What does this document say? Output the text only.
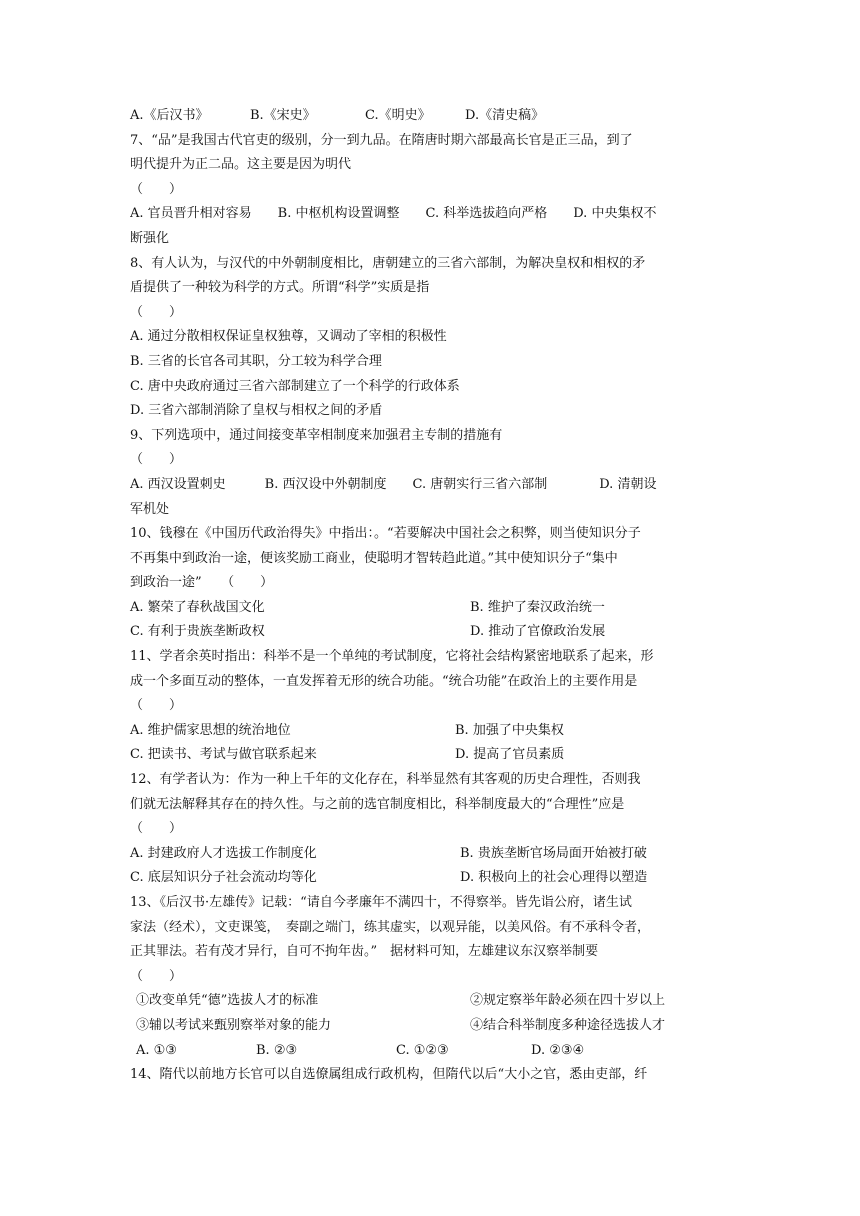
A.《后汉书》	B.《宋史》	C.《明史》	D.《清史稿》
7、“品”是我国古代官吏的级别，分一到九品。在隋唐时期六部最高长官是正三品，到了
明代提升为正二品。这主要是因为明代
（　　）
A. 官员晋升相对容易　　B. 中枢机构设置调整　　C. 科举选拔趋向严格　　D. 中央集权不
断强化
8、有人认为，与汉代的中外朝制度相比，唐朝建立的三省六部制，为解决皇权和相权的矛
盾提供了一种较为科学的方式。所谓“科学”实质是指
（　　）
A. 通过分散相权保证皇权独尊，又调动了宰相的积极性
B. 三省的长官各司其职，分工较为科学合理
C. 唐中央政府通过三省六部制建立了一个科学的行政体系
D. 三省六部制消除了皇权与相权之间的矛盾
9、下列选项中，通过间接变革宰相制度来加强君主专制的措施有
（　　）
A. 西汉设置刺史　　　B. 西汉设中外朝制度　　C. 唐朝实行三省六部制　　　　D. 清朝设
军机处
10、钱穆在《中国历代政治得失》中指出：。“若要解决中国社会之积弊，则当使知识分子
不再集中到政治一途，便该奖励工商业，使聪明才智转趋此道。”其中使知识分子“集中
到政治一途”　　（　　）
A. 繁荣了春秋战国文化	B. 维护了秦汉政治统一
C. 有利于贵族垄断政权	D. 推动了官僚政治发展
11、学者余英时指出：科举不是一个单纯的考试制度，它将社会结构紧密地联系了起来，形
成一个多面互动的整体，一直发挥着无形的统合功能。“统合功能”在政治上的主要作用是
（　　）
A. 维护儒家思想的统治地位	B. 加强了中央集权
C. 把读书、考试与做官联系起来	D. 提高了官员素质
12、有学者认为：作为一种上千年的文化存在，科举显然有其客观的历史合理性，否则我
们就无法解释其存在的持久性。与之前的选官制度相比，科举制度最大的“合理性”应是
（　　）
A. 封建政府人才选拔工作制度化	B. 贵族垄断官场局面开始被打破
C. 底层知识分子社会流动均等化	D. 积极向上的社会心理得以塑造
13、《后汉书·左雄传》记载：“请自今孝廉年不满四十，不得察举。皆先诣公府，诸生试
家法（经术），文吏课笺，　奏副之端门，练其虚实，以观异能，以美风俗。有不承科令者，
正其罪法。若有茂才异行，自可不拘年齿。”　据材料可知，左雄建议东汉察举制要
（　　）
①改变单凭“德”选拔人才的标准	②规定察举年龄必须在四十岁以上
③辅以考试来甄别察举对象的能力	④结合科举制度多种途径选拔人才
A. ①③	B. ②③	C. ①②③	D. ②③④
14、隋代以前地方长官可以自选僚属组成行政机构，但隋代以后“大小之官，悉由吏部，纤
